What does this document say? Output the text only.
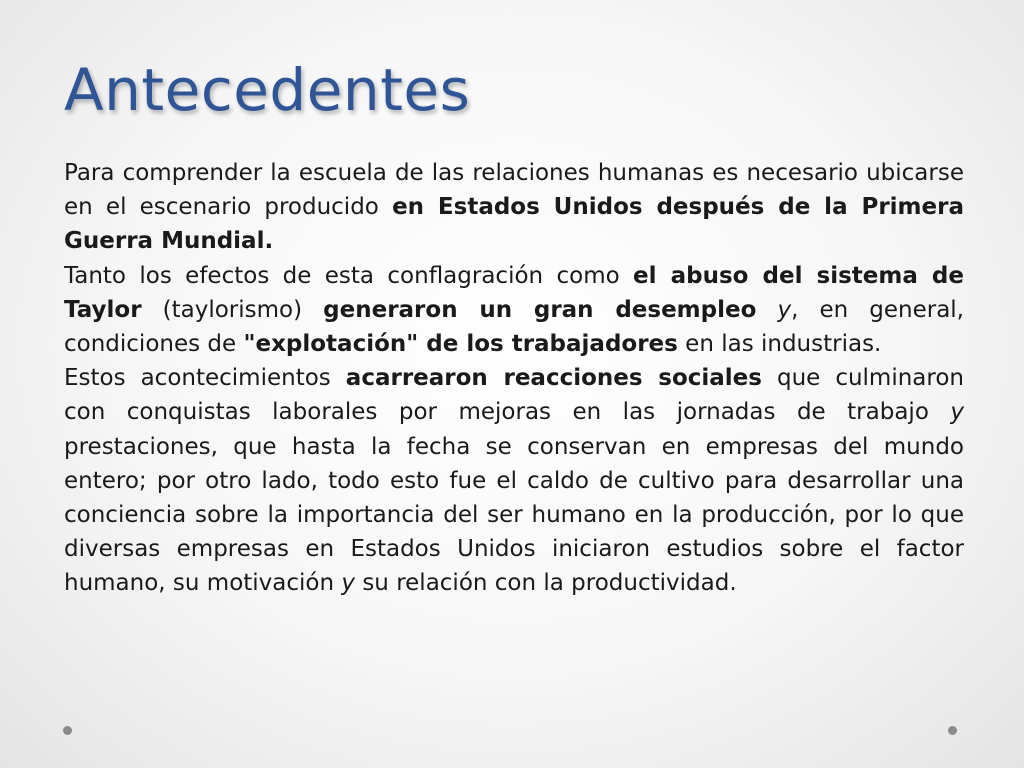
Antecedentes

Para comprender la escuela de las relaciones humanas es necesario ubicarse en el escenario producido en Estados Unidos después de la Primera Guerra Mundial.

Tanto los efectos de esta conflagración como el abuso del sistema de Taylor (taylorismo) generaron un gran desempleo y, en general, condiciones de "explotación" de los trabajadores en las industrias.

Estos acontecimientos acarrearon reacciones sociales que culminaron con conquistas laborales por mejoras en las jornadas de trabajo y prestaciones, que hasta la fecha se conservan en empresas del mundo entero; por otro lado, todo esto fue el caldo de cultivo para desarrollar una conciencia sobre la importancia del ser humano en la producción, por lo que diversas empresas en Estados Unidos iniciaron estudios sobre el factor humano, su motivación y su relación con la productividad.
